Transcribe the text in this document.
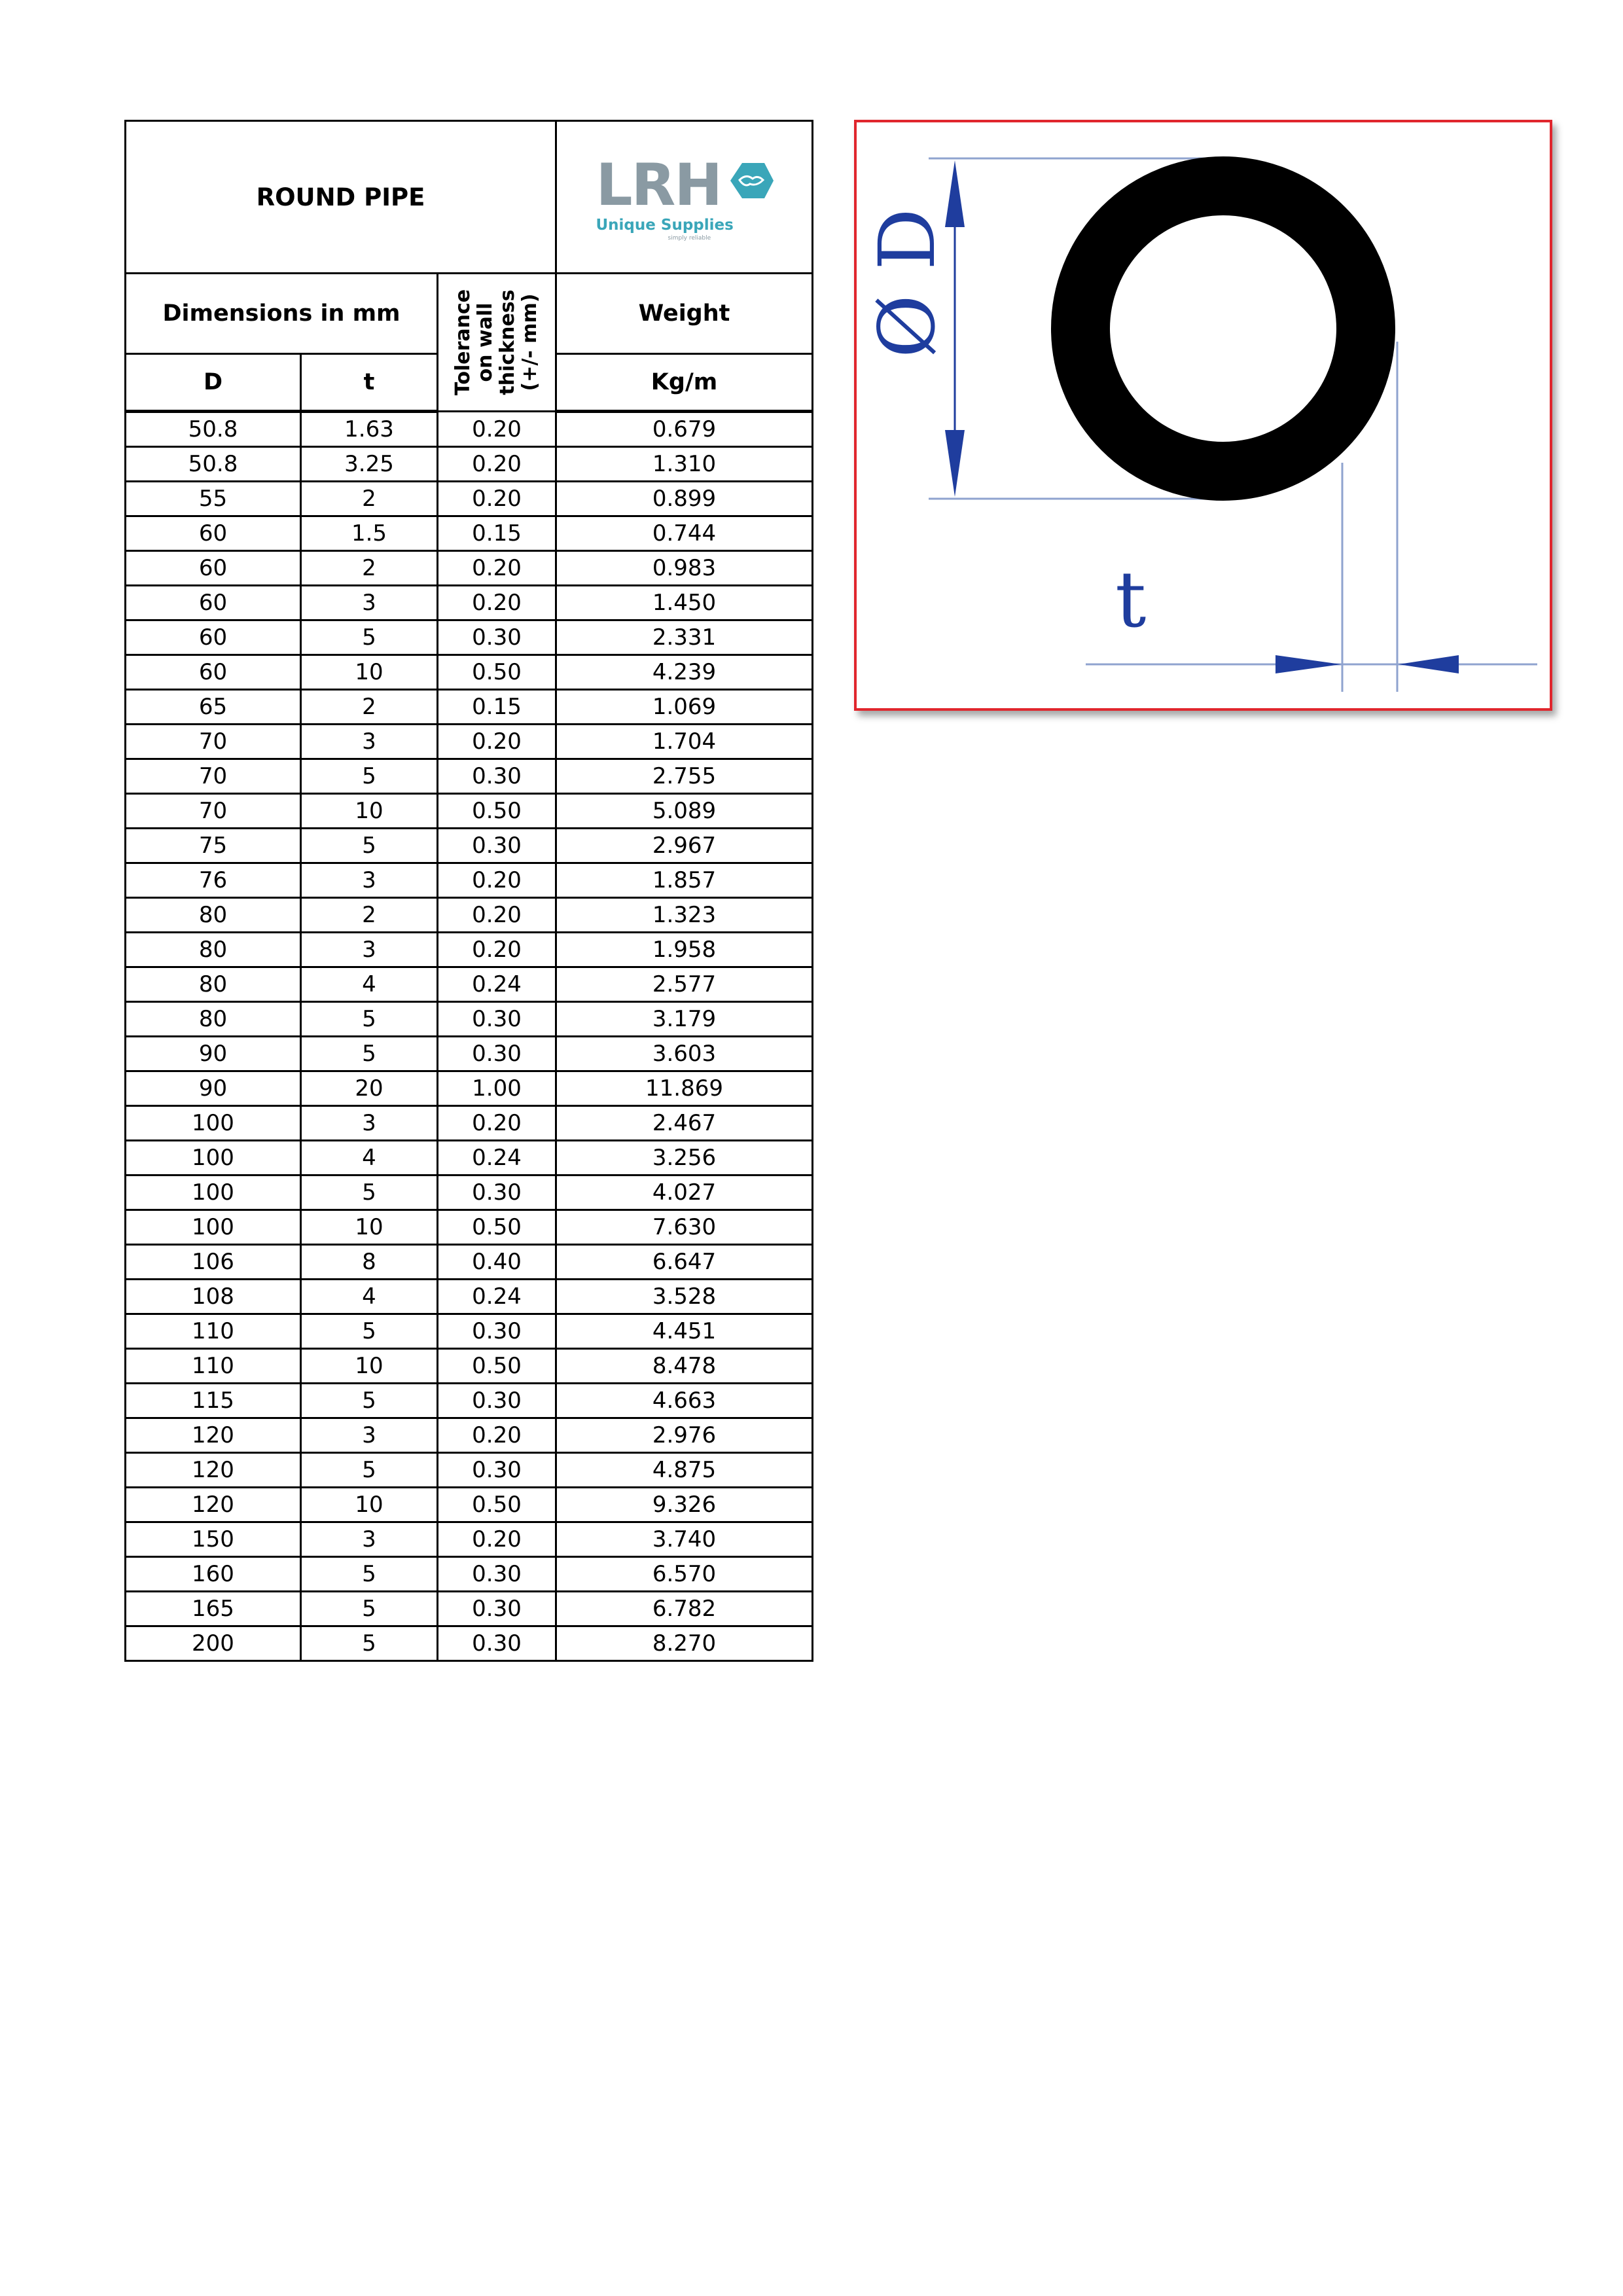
ROUND PIPE			LRH
Unique Supplies
simply reliable

Dimensions in mm		Tolerance on wall thickness (+/- mm)	Weight
D	t		Kg/m
50.8	1.63	0.20	0.679
50.8	3.25	0.20	1.310
55	2	0.20	0.899
60	1.5	0.15	0.744
60	2	0.20	0.983
60	3	0.20	1.450
60	5	0.30	2.331
60	10	0.50	4.239
65	2	0.15	1.069
70	3	0.20	1.704
70	5	0.30	2.755
70	10	0.50	5.089
75	5	0.30	2.967
76	3	0.20	1.857
80	2	0.20	1.323
80	3	0.20	1.958
80	4	0.24	2.577
80	5	0.30	3.179
90	5	0.30	3.603
90	20	1.00	11.869
100	3	0.20	2.467
100	4	0.24	3.256
100	5	0.30	4.027
100	10	0.50	7.630
106	8	0.40	6.647
108	4	0.24	3.528
110	5	0.30	4.451
110	10	0.50	8.478
115	5	0.30	4.663
120	3	0.20	2.976
120	5	0.30	4.875
120	10	0.50	9.326
150	3	0.20	3.740
160	5	0.30	6.570
165	5	0.30	6.782
200	5	0.30	8.270
Ø D
t
